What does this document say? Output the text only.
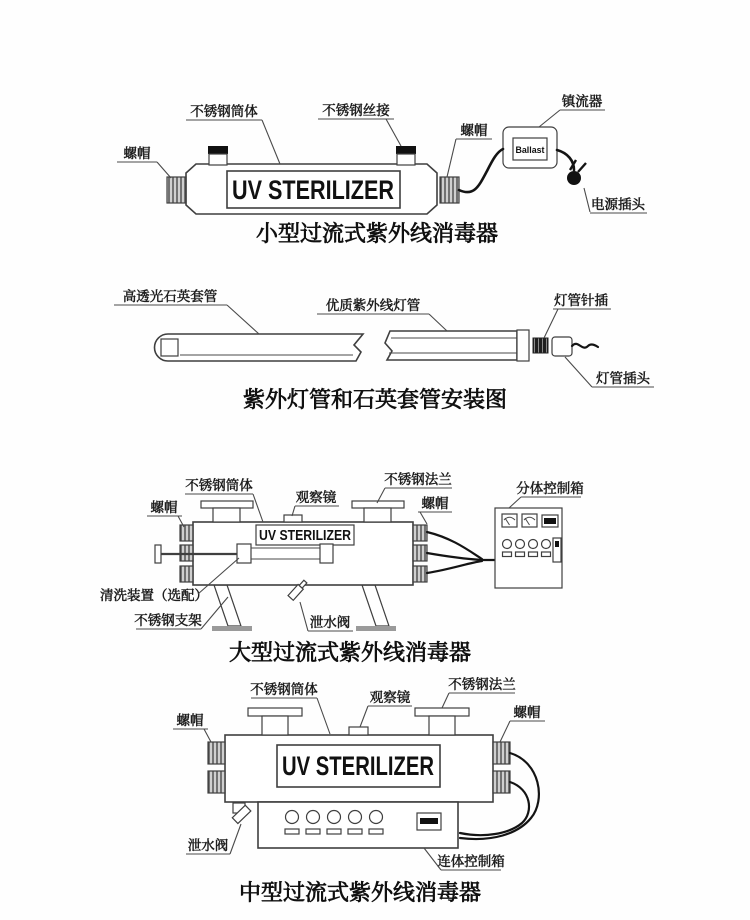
UV STERILIZER
Ballast
螺帽
不锈钢筒体	不锈钢丝接
螺帽
镇流器
电源插头
小型过流式紫外线消毒器
高透光石英套管
优质紫外线灯管	灯管针插
灯管插头
紫外灯管和石英套管安装图
UV STERILIZER
螺帽
不锈钢筒体
观察镜
不锈钢法兰
螺帽
分体控制箱
清洗装置（选配）
不锈钢支架	泄水阀
大型过流式紫外线消毒器
UV STERILIZER
螺帽
不锈钢筒体
观察镜
不锈钢法兰
螺帽
泄水阀
连体控制箱
中型过流式紫外线消毒器
